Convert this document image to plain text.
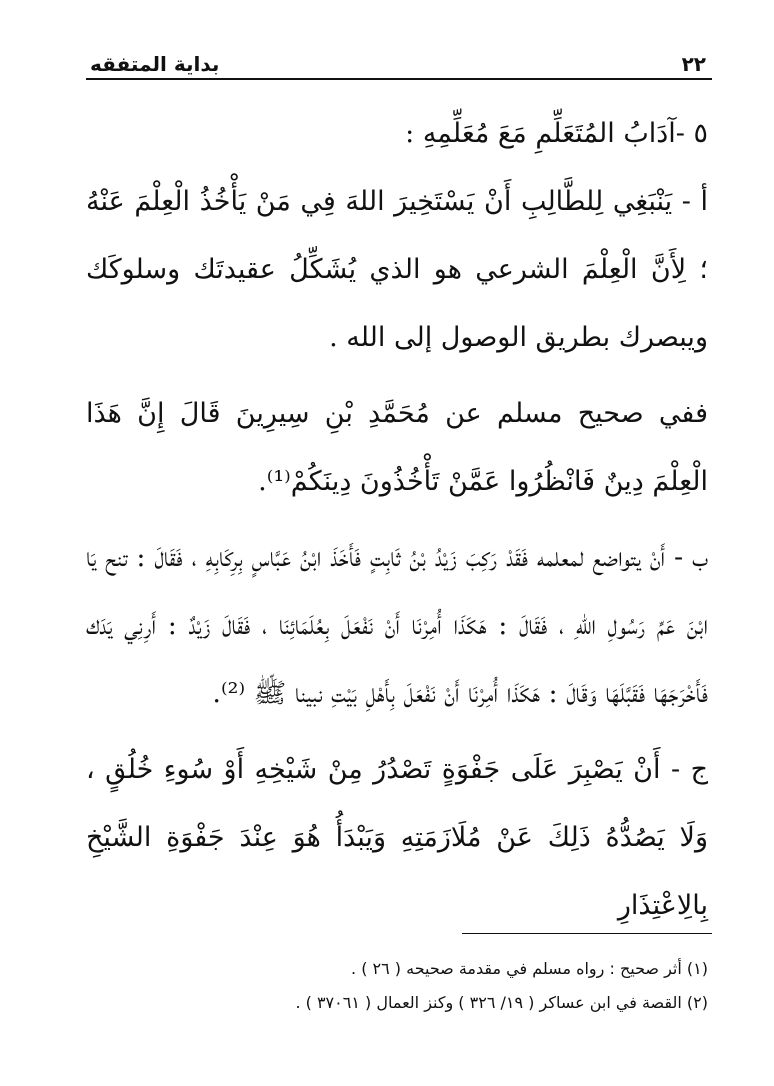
٢٢
بداية المتفقه

٥ -آدَابُ المُتَعَلِّمِ مَعَ مُعَلِّمِهِ :

أ - يَنْبَغِي لِلطَّالِبِ أَنْ يَسْتَخِيرَ اللهَ فِي مَنْ يَأْخُذُ الْعِلْمَ عَنْهُ ؛ لِأَنَّ الْعِلْمَ الشرعي هو الذي يُشَكِّلُ عقيدتَك وسلوكَك ويبصرك بطريق الوصول إلى الله .

ففي صحيح مسلم عن مُحَمَّدِ بْنِ سِيرِينَ قَالَ إِنَّ هَذَا الْعِلْمَ دِينٌ فَانْظُرُوا عَمَّنْ تَأْخُذُونَ دِينَكُمْ⁽¹⁾.

ب - أَنْ يتواضع لمعلمه فَقَدْ رَكِبَ زَيْدُ بْنُ ثَابِتٍ فَأَخَذَ ابْنُ عَبَّاسٍ بِرِكَابِهِ ، فَقَالَ : تنح يَا ابْنَ عَمِّ رَسُولِ اللهِ ، فَقَالَ : هَكَذَا أُمِرْنَا أَنْ نَفْعَلَ بِعُلَمَائِنَا ، فَقَالَ زَيْدٌ : أَرِنِي يَدَك فَأَخْرَجَهَا فَقَبَّلَهَا وَقَالَ : هَكَذَا أُمِرْنَا أَنْ نَفْعَلَ بِأَهْلِ بَيْتِ نبينا ﷺ ⁽²⁾.

ج - أَنْ يَصْبِرَ عَلَى جَفْوَةٍ تَصْدُرُ مِنْ شَيْخِهِ أَوْ سُوءِ خُلُقٍ ، وَلَا يَصُدُّهُ ذَلِكَ عَنْ مُلَازَمَتِهِ وَيَبْدَأُ هُوَ عِنْدَ جَفْوَةِ الشَّيْخِ بِالِاعْتِذَارِ

(١) أثر صحيح : رواه مسلم في مقدمة صحيحه ( ٢٦ ) .

(٢) القصة في ابن عساكر ( ١٩/ ٣٢٦ ) وكنز العمال ( ٣٧٠٦١ ) .
